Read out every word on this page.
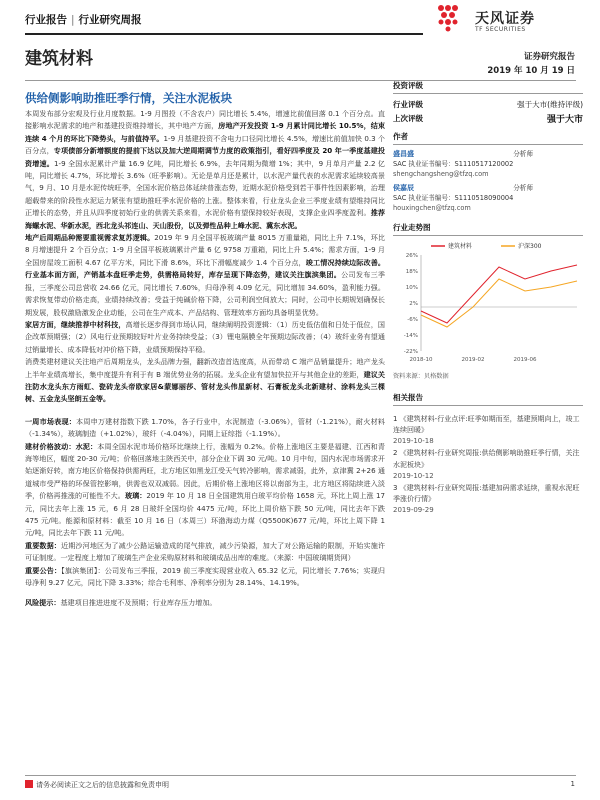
行业报告 | 行业研究周报	天风证券
TF SECURITIES
建筑材料	证券研究报告
2019 年 10 月 19 日
供给侧影响助推旺季行情，关注水泥板块

本周发布部分宏观及行业月度数据。1-9 月图投（不含农户）同比增长 5.4%，增速比前值回落 0.1 个百分点。直接影响水泥需求的地产和基建投资维持增长，其中地产方面，房地产开发投资 1-9 月累计同比增长 10.5%，结束连续 4 个月的环比下降势头，与前值持平。1-9 月基建投资不含电力口径同比增长 4.5%，增速比前值加快 0.3 个百分点，专项债部分新增额度的提前下达以及加大逆周期调节力度的政策指引，看好四季度及 20 年一季度基建投资增速。1-9 全国水泥累计产量 16.9 亿吨，同比增长 6.9%，去年同期为微增 1%；其中，9 月单月产量 2.2 亿吨，同比增长 4.7%，环比增长 3.6%（旺季影响）。无论是单月还是累计，以水泥产量代表的水泥需求延续较高景气，9 月、10 月是水泥传统旺季，全国水泥价格总体延续普涨态势，近期水泥价格受到若干事件性因素影响，治理超载带来的阶段性水泥运力紧张有望助推旺季水泥价格的上涨。整体来看，行业龙头企业三季度业绩有望维持同比正增长的态势，并且从四季度初始行业的供需关系来看，水泥价格有望保持较好表现，支撑企业四季度盈利。推荐海螺水泥、华新水泥，西北龙头祁连山、天山股份，以及弹性品种上峰水泥、冀东水泥。

地产后周期品种需要重视需求复苏逻辑。2019 年 9 月全国平板玻璃产量 8015 万重量箱，同比上升 7.1%，环比 8 月增速提升 2 个百分点；1-9 月全国平板玻璃累计产量 6 亿 9758 万重箱，同比上升 5.4%；需求方面，1-9 月全国房屋竣工面积 4.67 亿平方米，同比下滑 8.6%，环比下滑幅度减少 1.4 个百分点，竣工情况持续边际改善。行业基本面方面，产销基本盘旺季走势，供需格局转好，库存呈现下降态势，建议关注旗滨集团。公司发布三季报，三季度公司总营收 24.66 亿元，同比增长 7.60%，归母净利 4.09 亿元，同比增加 34.60%，盈利能力强。需求恢复带动价格走高，业绩持续改善；受益于纯碱价格下降，公司利润空间放大；同时，公司中长期规划确保长期发展，股权激励激发企业动能，公司在生产成本、产品结构、管理效率方面均具备明显优势。

家居方面，继续推荐中材科技，高增长逐步得到市场认同，继续阐明投资逻辑：（1）历史低估值和日处于低位，国企改革预期强；（2）风电行业预期较好叶片业务持续受益；（3）锂电隔膜全年预期边际改善；（4）玻纤业务有望通过销量增长、成本降低对冲价格下降，业绩预期保持平稳。

消费类建材建议关注地产后周期龙头，龙头品牌力强，翻新改造首选度高，从而带动 C 端产品销量提升；地产龙头上半年业绩高增长，集中度提升有利于有 B 端优势业务的拓展。龙头企业有望加快拉开与其他企业的差距，建议关注防水龙头东方雨虹、瓷砖龙头帝欧家居&蒙娜丽莎、管材龙头伟星新材、石膏板龙头北新建材、涂料龙头三棵树、五金龙头坚朗五金等。

一周市场表现：本周申万建材指数下跌 1.70%，各子行业中，水泥制造（-3.06%），管材（-1.21%），耐火材料（-1.34%），玻璃制造（+1.02%），玻纤（-4.04%），同期上证综指（-1.19%）。

建材价格波动：水泥：本周全国水泥市场价格环比继续上行，涨幅为 0.2%。价格上涨地区主要是福建、江西和青海等地区，幅度 20-30 元/吨；价格回落地主陕西关中，部分企业下调 30 元/吨。10 月中旬，国内水泥市场需求开始逐渐好转，南方地区价格保持供需两旺，北方地区如黑龙江受天气转冷影响，需求减弱，此外，京津冀 2+26 通道城市受严格的环保管控影响，供需也双双减弱。因此，后期价格上涨地区将以南部为主，北方地区将陆续进入淡季，价格再推涨的可能性不大。玻璃：2019 年 10 月 18 日全国建筑用白玻平均价格 1658 元，环比上周上涨 17 元，同比去年上涨 15 元，6 月 28 日玻纤全国均价 4475 元/吨，环比上周价格下跌 50 元/吨，同比去年下跌 475 元/吨。能源和原材料：截至 10 月 16 日（本周三）环渤海动力煤（Q5500K)677 元/吨，环比上周下降 1 元/吨，同比去年下跌 11 元/吨。

重要数据：近期沙河地区为了减少公路运输造成的尾气排放，减少污染源，加大了对公路运输的限制，开始实施许可证制度。一定程度上增加了玻璃生产企业采购原材料和玻璃成品出库的难度。（来源：中国玻璃期货网）

重要公告：【旗滨集团】：公司发布三季报，2019 前三季度实现营业收入 65.32 亿元，同比增长 7.76%；实现归母净利 9.27 亿元，同比下降 3.33%；综合毛利率、净利率分别为 28.14%、14.19%。

风险提示：基建项目推进进度不及预期；行业库存压力增加。

投资评级
行业评级	强于大市(维持评级)
上次评级	强于大市
作者
盛昌盛	分析师
SAC 执业证书编号：S1110517120002
shengchangsheng@tfzq.com
侯嘉辰	分析师
SAC 执业证书编号：S1110518090004
houxingchen@tfzq.com
行业走势图
26%
18%
10%
2%
-6%
-14%
-22%
2018-10	2019-02	2019-06
建筑材料	沪深300
资料来源：贝格数据
相关报告
1 《建筑材料-行业点评:旺季如期而至，基建预期向上，竣工连续回暖》
2019-10-18
2 《建筑材料-行业研究周报:供给侧影响助推旺季行情，关注水泥板块》
2019-10-12
3 《建筑材料-行业研究周报:基建加码需求延续，重视水泥旺季涨价行情》
2019-09-29
请务必阅读正文之后的信息披露和免责申明	1
